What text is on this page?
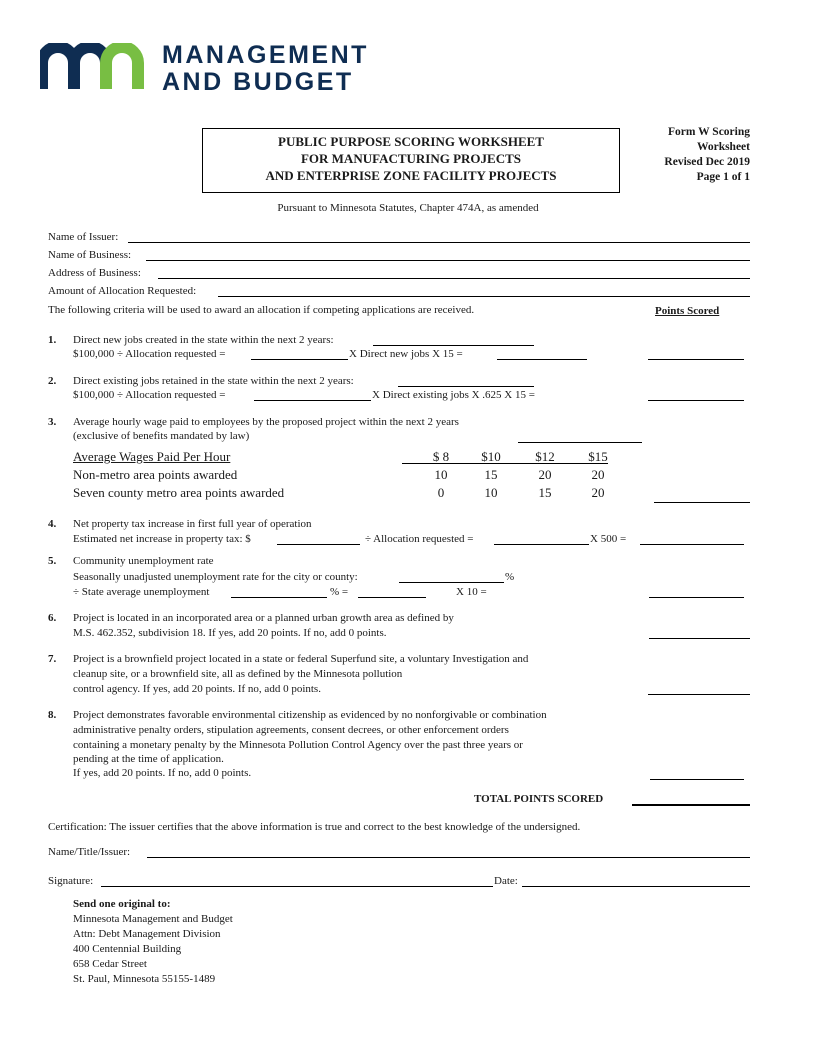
MANAGEMENT
AND BUDGET
PUBLIC PURPOSE SCORING WORKSHEET
FOR MANUFACTURING PROJECTS
AND ENTERPRISE ZONE FACILITY PROJECTS
Form W Scoring
Worksheet
Revised Dec 2019
Page 1 of 1
Pursuant to Minnesota Statutes, Chapter 474A, as amended
Name of Issuer:
Name of Business:
Address of Business:
Amount of Allocation Requested:
The following criteria will be used to award an allocation if competing applications are received.	Points Scored
1. Direct new jobs created in the state within the next 2 years:
$100,000 ÷ Allocation requested =	X Direct new jobs X 15 =
2. Direct existing jobs retained in the state within the next 2 years:
$100,000 ÷ Allocation requested =	X Direct existing jobs X .625 X 15 =
3. Average hourly wage paid to employees by the proposed project within the next 2 years
(exclusive of benefits mandated by law)
Average Wages Paid Per Hour	$ 8	$10	$12	$15
Non-metro area points awarded	10	15	20	20
Seven county metro area points awarded	0	10	15	20
4. Net property tax increase in first full year of operation
Estimated net increase in property tax: $	÷ Allocation requested =	X 500 =
5. Community unemployment rate
Seasonally unadjusted unemployment rate for the city or county:	%
÷ State average unemployment	% =	X 10 =
6. Project is located in an incorporated area or a planned urban growth area as defined by
M.S. 462.352, subdivision 18. If yes, add 20 points. If no, add 0 points.
7. Project is a brownfield project located in a state or federal Superfund site, a voluntary Investigation and
cleanup site, or a brownfield site, all as defined by the Minnesota pollution
control agency. If yes, add 20 points. If no, add 0 points.
8. Project demonstrates favorable environmental citizenship as evidenced by no nonforgivable or combination
administrative penalty orders, stipulation agreements, consent decrees, or other enforcement orders
containing a monetary penalty by the Minnesota Pollution Control Agency over the past three years or
pending at the time of application.
If yes, add 20 points. If no, add 0 points.
TOTAL POINTS SCORED
Certification: The issuer certifies that the above information is true and correct to the best knowledge of the undersigned.
Name/Title/Issuer:
Signature:	Date:
Send one original to:
Minnesota Management and Budget
Attn: Debt Management Division
400 Centennial Building
658 Cedar Street
St. Paul, Minnesota 55155-1489
